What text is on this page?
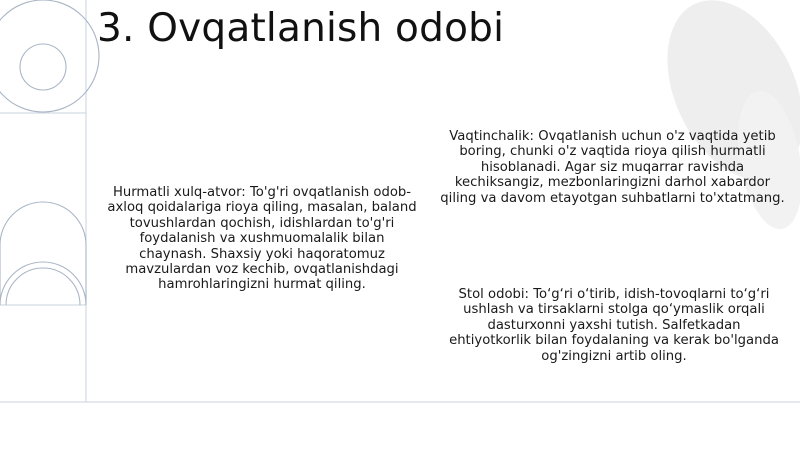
3. Ovqatlanish odobi
Hurmatli xulq-atvor: To'g'ri ovqatlanish odob-axloq qoidalariga rioya qiling, masalan, baland tovushlardan qochish, idishlardan to'g'ri foydalanish va xushmuomalalik bilan chaynash. Shaxsiy yoki haqoratomuz mavzulardan voz kechib, ovqatlanishdagi hamrohlaringizni hurmat qiling.
Vaqtinchalik: Ovqatlanish uchun o'z vaqtida yetib boring, chunki o'z vaqtida rioya qilish hurmatli hisoblanadi. Agar siz muqarrar ravishda kechiksangiz, mezbonlaringizni darhol xabardor qiling va davom etayotgan suhbatlarni to'xtatmang.
Stol odobi: To‘g‘ri o‘tirib, idish-tovoqlarni to‘g‘ri ushlash va tirsaklarni stolga qo‘ymaslik orqali dasturxonni yaxshi tutish. Salfetkadan ehtiyotkorlik bilan foydalaning va kerak bo'lganda og'zingizni artib oling.
